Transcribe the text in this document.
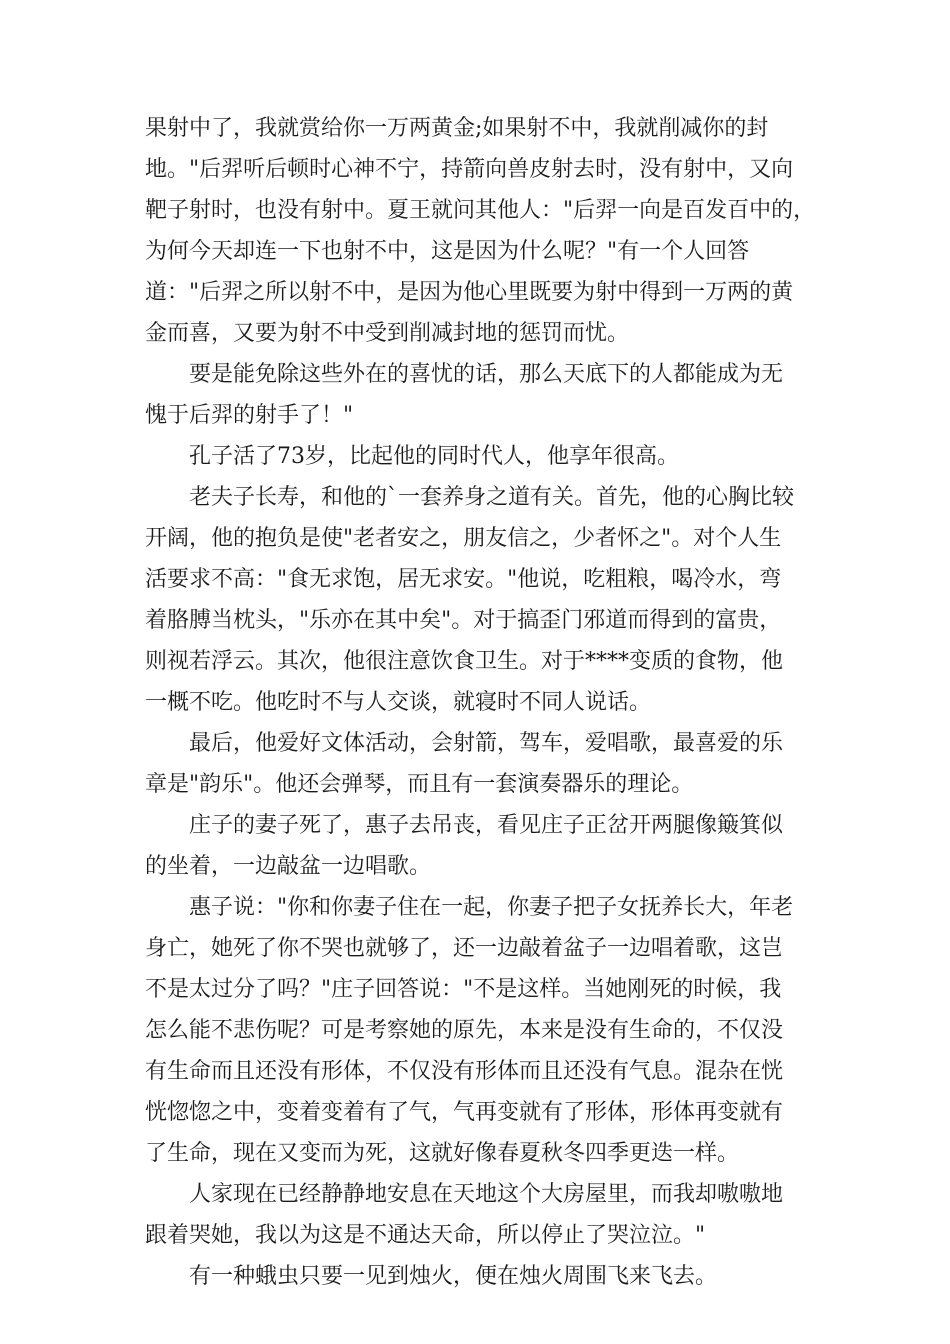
果射中了，我就赏给你一万两黄金;如果射不中，我就削减你的封
地。"后羿听后顿时心神不宁，持箭向兽皮射去时，没有射中，又向
靶子射时，也没有射中。夏王就问其他人："后羿一向是百发百中的，
为何今天却连一下也射不中，这是因为什么呢？"有一个人回答
道："后羿之所以射不中，是因为他心里既要为射中得到一万两的黄
金而喜，又要为射不中受到削减封地的惩罚而忧。
要是能免除这些外在的喜忧的话，那么天底下的人都能成为无
愧于后羿的射手了！"
孔子活了73岁，比起他的同时代人，他享年很高。
老夫子长寿，和他的`一套养身之道有关。首先，他的心胸比较
开阔，他的抱负是使"老者安之，朋友信之，少者怀之"。对个人生
活要求不高："食无求饱，居无求安。"他说，吃粗粮，喝冷水，弯
着胳膊当枕头，"乐亦在其中矣"。对于搞歪门邪道而得到的富贵，
则视若浮云。其次，他很注意饮食卫生。对于****变质的食物，他
一概不吃。他吃时不与人交谈，就寝时不同人说话。
最后，他爱好文体活动，会射箭，驾车，爱唱歌，最喜爱的乐
章是"韵乐"。他还会弹琴，而且有一套演奏器乐的理论。
庄子的妻子死了，惠子去吊丧，看见庄子正岔开两腿像簸箕似
的坐着，一边敲盆一边唱歌。
惠子说："你和你妻子住在一起，你妻子把子女抚养长大，年老
身亡，她死了你不哭也就够了，还一边敲着盆子一边唱着歌，这岂
不是太过分了吗？"庄子回答说："不是这样。当她刚死的时候，我
怎么能不悲伤呢？可是考察她的原先，本来是没有生命的，不仅没
有生命而且还没有形体，不仅没有形体而且还没有气息。混杂在恍
恍惚惚之中，变着变着有了气，气再变就有了形体，形体再变就有
了生命，现在又变而为死，这就好像春夏秋冬四季更迭一样。
人家现在已经静静地安息在天地这个大房屋里，而我却嗷嗷地
跟着哭她，我以为这是不通达天命，所以停止了哭泣泣。"
有一种蛾虫只要一见到烛火，便在烛火周围飞来飞去。
